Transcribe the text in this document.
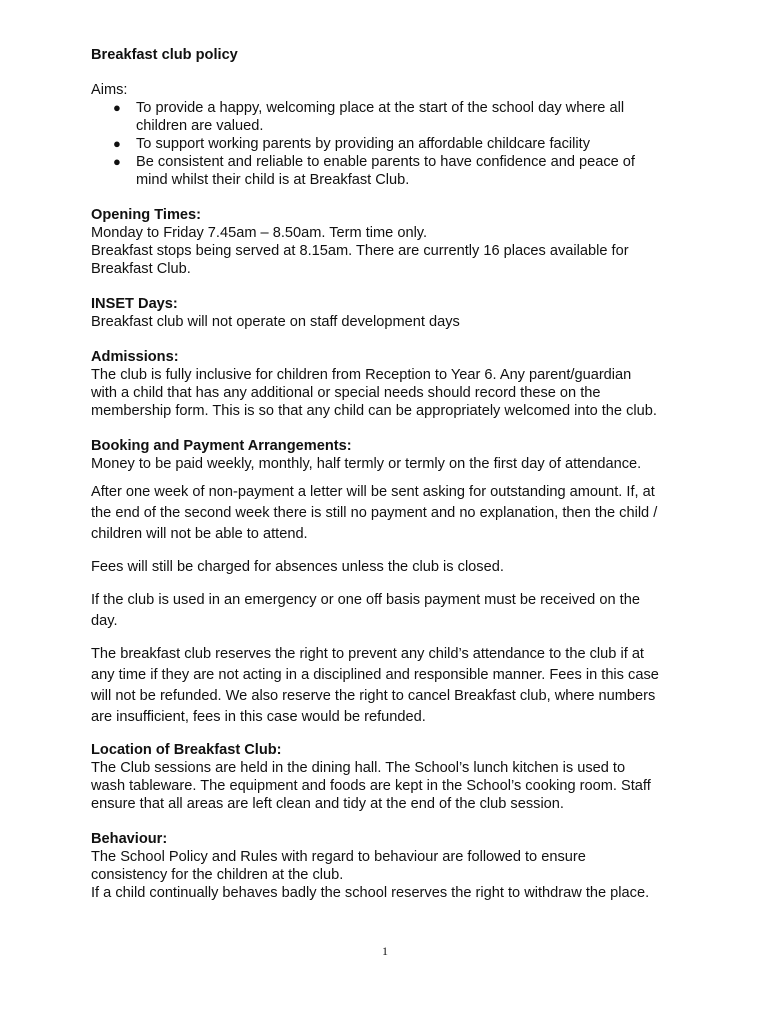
Breakfast club policy

Aims:

● To provide a happy, welcoming place at the start of the school day where all
children are valued.
● To support working parents by providing an affordable childcare facility
● Be consistent and reliable to enable parents to have confidence and peace of
mind whilst their child is at Breakfast Club.

Opening Times:

Monday to Friday 7.45am – 8.50am. Term time only.

Breakfast stops being served at 8.15am. There are currently 16 places available for

Breakfast Club.

INSET Days:

Breakfast club will not operate on staff development days

Admissions:

The club is fully inclusive for children from Reception to Year 6. Any parent/guardian

with a child that has any additional or special needs should record these on the

membership form. This is so that any child can be appropriately welcomed into the club.

Booking and Payment Arrangements:

Money to be paid weekly, monthly, half termly or termly on the first day of attendance.

After one week of non-payment a letter will be sent asking for outstanding amount. If, at

the end of the second week there is still no payment and no explanation, then the child /

children will not be able to attend.

Fees will still be charged for absences unless the club is closed.

If the club is used in an emergency or one off basis payment must be received on the

day.

The breakfast club reserves the right to prevent any child’s attendance to the club if at

any time if they are not acting in a disciplined and responsible manner. Fees in this case

will not be refunded. We also reserve the right to cancel Breakfast club, where numbers

are insufficient, fees in this case would be refunded.

Location of Breakfast Club:

The Club sessions are held in the dining hall. The School’s lunch kitchen is used to

wash tableware. The equipment and foods are kept in the School’s cooking room. Staff

ensure that all areas are left clean and tidy at the end of the club session.

Behaviour:

The School Policy and Rules with regard to behaviour are followed to ensure

consistency for the children at the club.

If a child continually behaves badly the school reserves the right to withdraw the place.

1
